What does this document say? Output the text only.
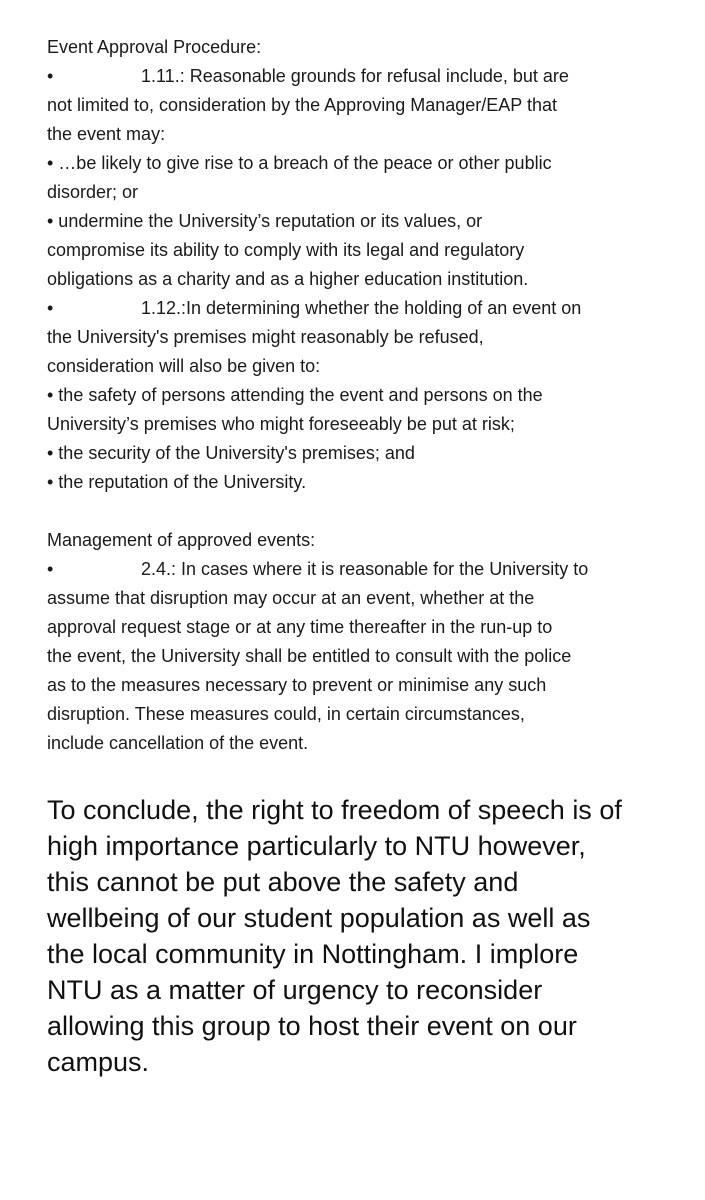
Event Approval Procedure:
•	1.11.: Reasonable grounds for refusal include, but are
not limited to, consideration by the Approving Manager/EAP that
the event may:
• …be likely to give rise to a breach of the peace or other public
disorder; or
• undermine the University’s reputation or its values, or
compromise its ability to comply with its legal and regulatory
obligations as a charity and as a higher education institution.
•	1.12.:In determining whether the holding of an event on
the University's premises might reasonably be refused,
consideration will also be given to:
• the safety of persons attending the event and persons on the
University’s premises who might foreseeably be put at risk;
• the security of the University's premises; and
• the reputation of the University.
Management of approved events:
•	2.4.: In cases where it is reasonable for the University to
assume that disruption may occur at an event, whether at the
approval request stage or at any time thereafter in the run-up to
the event, the University shall be entitled to consult with the police
as to the measures necessary to prevent or minimise any such
disruption. These measures could, in certain circumstances,
include cancellation of the event.
To conclude, the right to freedom of speech is of
high importance particularly to NTU however,
this cannot be put above the safety and
wellbeing of our student population as well as
the local community in Nottingham. I implore
NTU as a matter of urgency to reconsider
allowing this group to host their event on our
campus.
